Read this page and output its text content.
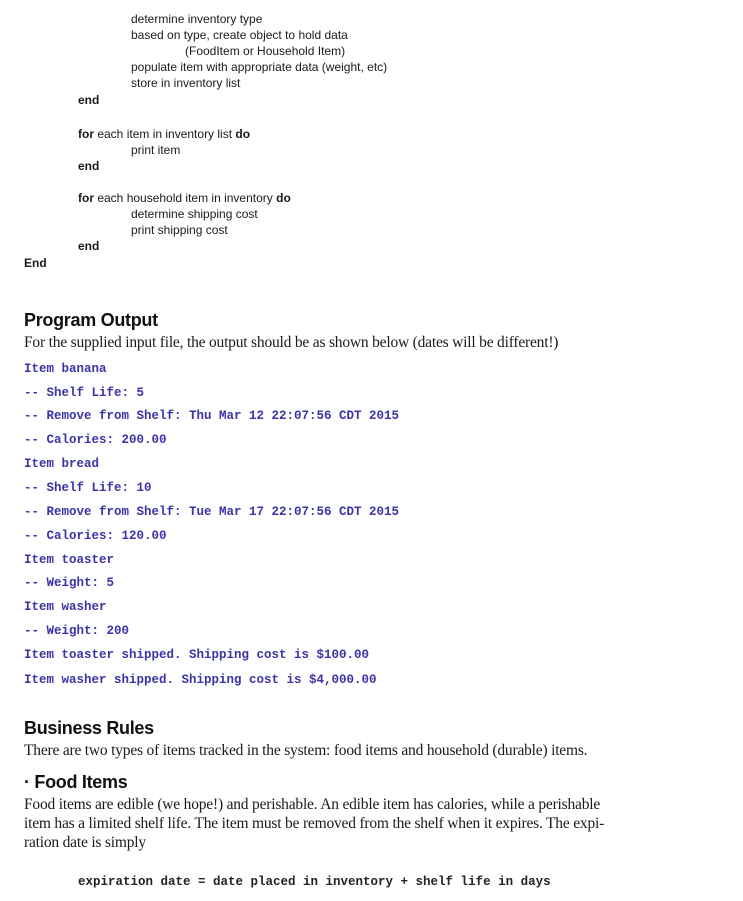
determine inventory type
based on type, create object to hold data
(FoodItem or Household Item)
populate item with appropriate data (weight, etc)
store in inventory list
end
for each item in inventory list do
print item
end
for each household item in inventory do
determine shipping cost
print shipping cost
end
End
Program Output
For the supplied input file, the output should be as shown below (dates will be different!)
Item banana
-- Shelf Life: 5
-- Remove from Shelf: Thu Mar 12 22:07:56 CDT 2015
-- Calories: 200.00
Item bread
-- Shelf Life: 10
-- Remove from Shelf: Tue Mar 17 22:07:56 CDT 2015
-- Calories: 120.00
Item toaster
-- Weight: 5
Item washer
-- Weight: 200
Item toaster shipped. Shipping cost is $100.00
Item washer shipped. Shipping cost is $4,000.00
Business Rules
There are two types of items tracked in the system: food items and household (durable) items.
· Food Items
Food items are edible (we hope!) and perishable. An edible item has calories, while a perishable
item has a limited shelf life. The item must be removed from the shelf when it expires. The expi-
ration date is simply
expiration date = date placed in inventory + shelf life in days
